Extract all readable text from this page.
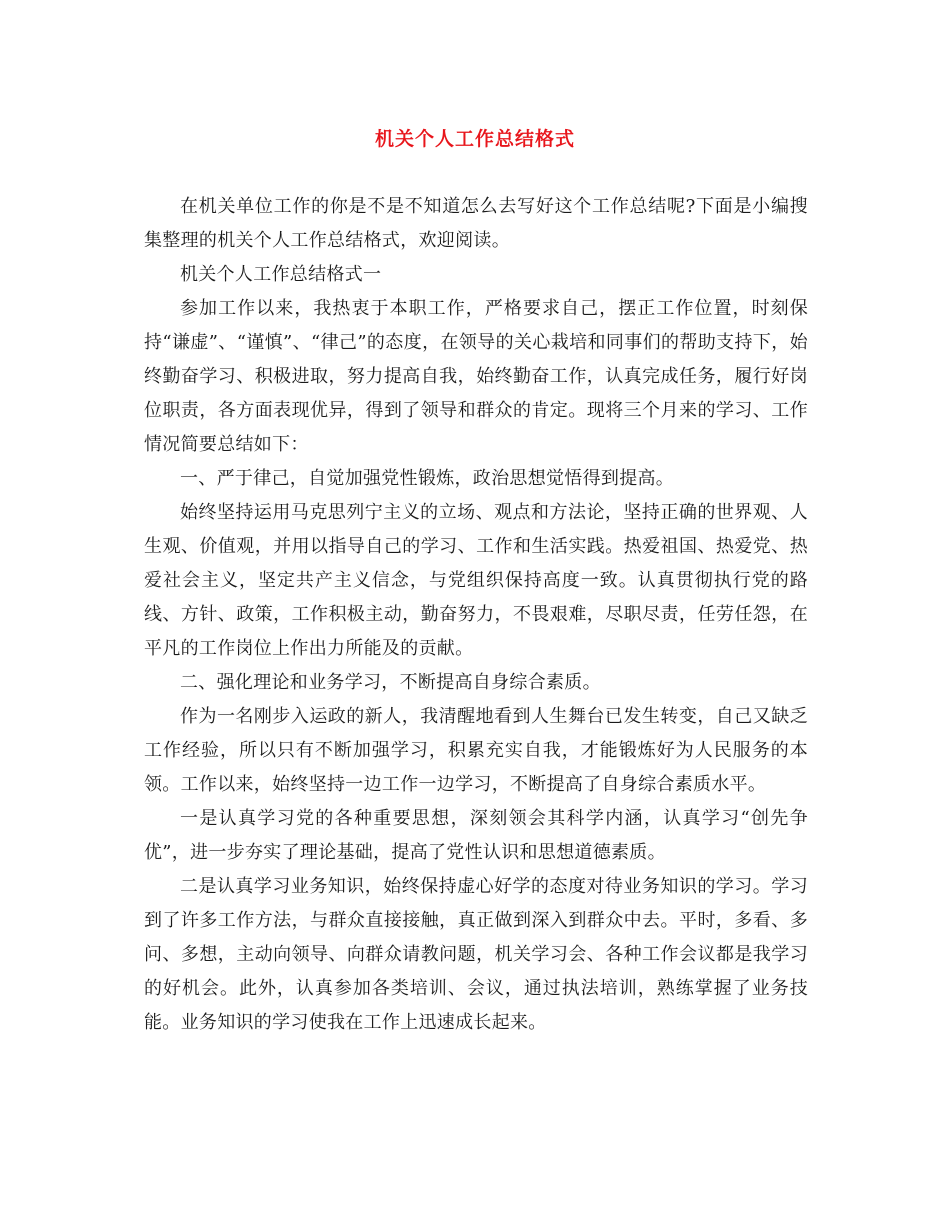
机关个人工作总结格式

在机关单位工作的你是不是不知道怎么去写好这个工作总结呢?下面是小编搜集整理的机关个人工作总结格式，欢迎阅读。

机关个人工作总结格式一

参加工作以来，我热衷于本职工作，严格要求自己，摆正工作位置，时刻保持“谦虚”、“谨慎”、“律己”的态度，在领导的关心栽培和同事们的帮助支持下，始终勤奋学习、积极进取，努力提高自我，始终勤奋工作，认真完成任务，履行好岗位职责，各方面表现优异，得到了领导和群众的肯定。现将三个月来的学习、工作情况简要总结如下：

一、严于律己，自觉加强党性锻炼，政治思想觉悟得到提高。

始终坚持运用马克思列宁主义的立场、观点和方法论，坚持正确的世界观、人生观、价值观，并用以指导自己的学习、工作和生活实践。热爱祖国、热爱党、热爱社会主义，坚定共产主义信念，与党组织保持高度一致。认真贯彻执行党的路线、方针、政策，工作积极主动，勤奋努力，不畏艰难，尽职尽责，任劳任怨，在平凡的工作岗位上作出力所能及的贡献。

二、强化理论和业务学习，不断提高自身综合素质。

作为一名刚步入运政的新人，我清醒地看到人生舞台已发生转变，自己又缺乏工作经验，所以只有不断加强学习，积累充实自我，才能锻炼好为人民服务的本领。工作以来，始终坚持一边工作一边学习，不断提高了自身综合素质水平。

一是认真学习党的各种重要思想，深刻领会其科学内涵，认真学习“创先争优”，进一步夯实了理论基础，提高了党性认识和思想道德素质。

二是认真学习业务知识，始终保持虚心好学的态度对待业务知识的学习。学习到了许多工作方法，与群众直接接触，真正做到深入到群众中去。平时，多看、多问、多想，主动向领导、向群众请教问题，机关学习会、各种工作会议都是我学习的好机会。此外，认真参加各类培训、会议，通过执法培训，熟练掌握了业务技能。业务知识的学习使我在工作上迅速成长起来。
